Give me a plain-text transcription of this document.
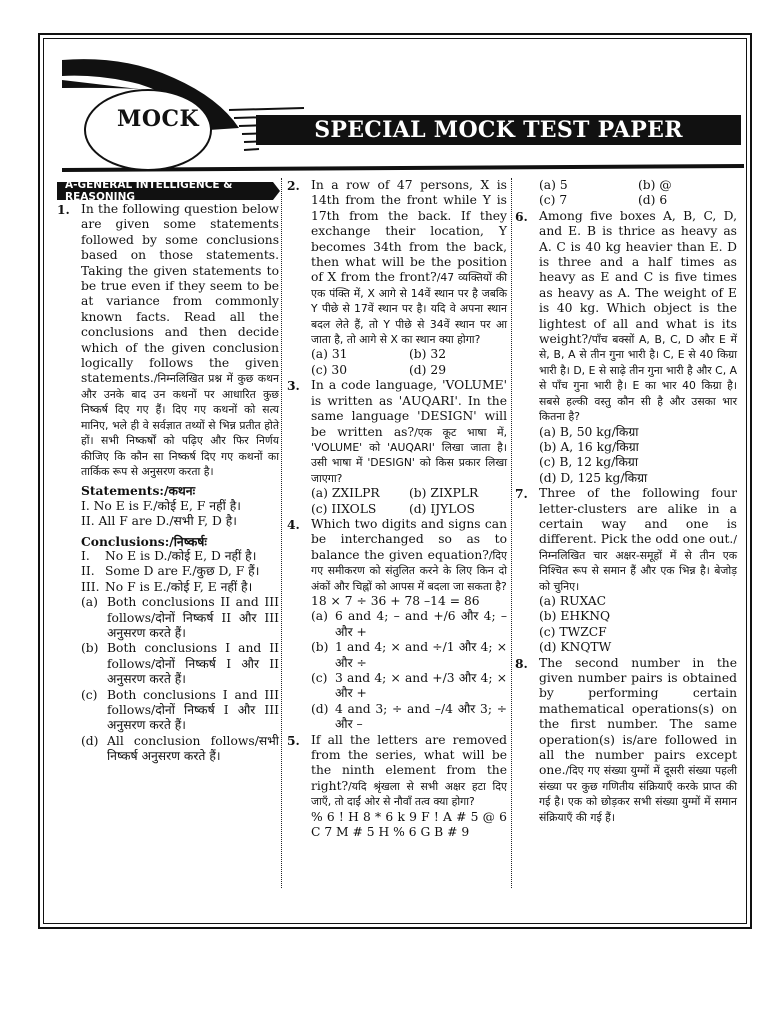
MOCK	SPECIAL MOCK TEST PAPER
A-GENERAL INTELLIGENCE & REASONING
1. In the following question below are given some statements followed by some conclusions based on those statements. Taking the given statements to be true even if they seem to be at variance from commonly known facts. Read all the conclusions and then decide which of the given conclusion logically follows the given statements./निम्नलिखित प्रश्न में कुछ कथन और उनके बाद उन कथनों पर आधारित कुछ निष्कर्ष दिए गए हैं। दिए गए कथनों को सत्य मानिए, भले ही वे सर्वज्ञात तथ्यों से भिन्न प्रतीत होते हों। सभी निष्कर्षों को पढ़िए और फिर निर्णय कीजिए कि कौन सा निष्कर्ष दिए गए कथनों का तार्किक रूप से अनुसरण करता है।
Statements:/कथनः
I. No E is F./कोई E, F नहीं है।
II. All F are D./सभी F, D है।
Conclusions:/निष्कर्षः
I. No E is D./कोई E, D नहीं है।
II. Some D are F./कुछ D, F हैं।
III. No F is E./कोई F, E नहीं है।
(a) Both conclusions II and III follows/दोनों निष्कर्ष II और III अनुसरण करते हैं।
(b) Both conclusions I and II follows/दोनों निष्कर्ष I और II अनुसरण करते हैं।
(c) Both conclusions I and III follows/दोनों निष्कर्ष I और III अनुसरण करते हैं।
(d) All conclusion follows/सभी निष्कर्ष अनुसरण करते हैं।
2. In a row of 47 persons, X is 14th from the front while Y is 17th from the back. If they exchange their location, Y becomes 34th from the back, then what will be the position of X from the front?/47 व्यक्तियों की एक पंक्ति में, X आगे से 14वें स्थान पर है जबकि Y पीछे से 17वें स्थान पर है। यदि वे अपना स्थान बदल लेते हैं, तो Y पीछे से 34वें स्थान पर आ जाता है, तो आगे से X का स्थान क्या होगा?
(a) 31	(b) 32
(c) 30	(d) 29
3. In a code language, 'VOLUME' is written as 'AUQARI'. In the same language 'DESIGN' will be written as?/एक कूट भाषा में, 'VOLUME' को 'AUQARI' लिखा जाता है। उसी भाषा में 'DESIGN' को किस प्रकार लिखा जाएगा?
(a) ZXILPR	(b) ZIXPLR
(c) IIXOLS	(d) IJYLOS
4. Which two digits and signs can be interchanged so as to balance the given equation?/दिए गए समीकरण को संतुलित करने के लिए किन दो अंकों और चिह्नों को आपस में बदला जा सकता है?
18 × 7 ÷ 36 + 78 –14 = 86
(a) 6 and 4; – and +/6 और 4; – और +
(b) 1 and 4; × and ÷/1 और 4; × और ÷
(c) 3 and 4; × and +/3 और 4; × और +
(d) 4 and 3; ÷ and –/4 और 3; ÷ और –
5. If all the letters are removed from the series, what will be the ninth element from the right?/यदि श्रृंखला से सभी अक्षर हटा दिए जाएँ, तो दाईं ओर से नौवाँ तत्व क्या होगा?
% 6 ! H 8 * 6 k 9 F ! A # 5 @ 6 C 7 M # 5 H % 6 G B # 9
(a) 5	(b) @
(c) 7	(d) 6
6. Among five boxes A, B, C, D, and E. B is thrice as heavy as A. C is 40 kg heavier than E. D is three and a half times as heavy as E and C is five times as heavy as A. The weight of E is 40 kg. Which object is the lightest of all and what is its weight?/पाँच बक्सों A, B, C, D और E में से, B, A से तीन गुना भारी है। C, E से 40 किग्रा भारी है। D, E से साढ़े तीन गुना भारी है और C, A से पाँच गुना भारी है। E का भार 40 किग्रा है। सबसे हल्की वस्तु कौन सी है और उसका भार कितना है?
(a) B, 50 kg/किग्रा
(b) A, 16 kg/किग्रा
(c) B, 12 kg/किग्रा
(d) D, 125 kg/किग्रा
7. Three of the following four letter-clusters are alike in a certain way and one is different. Pick the odd one out./निम्नलिखित चार अक्षर-समूहों में से तीन एक निश्चित रूप से समान हैं और एक भिन्न है। बेजोड़ को चुनिए।
(a) RUXAC
(b) EHKNQ
(c) TWZCF
(d) KNQTW
8. The second number in the given number pairs is obtained by performing certain mathematical operations(s) on the first number. The same operation(s) is/are followed in all the number pairs except one./दिए गए संख्या युग्मों में दूसरी संख्या पहली संख्या पर कुछ गणितीय संक्रियाएँ करके प्राप्त की गई है। एक को छोड़कर सभी संख्या युग्मों में समान संक्रियाएँ की गई हैं।
